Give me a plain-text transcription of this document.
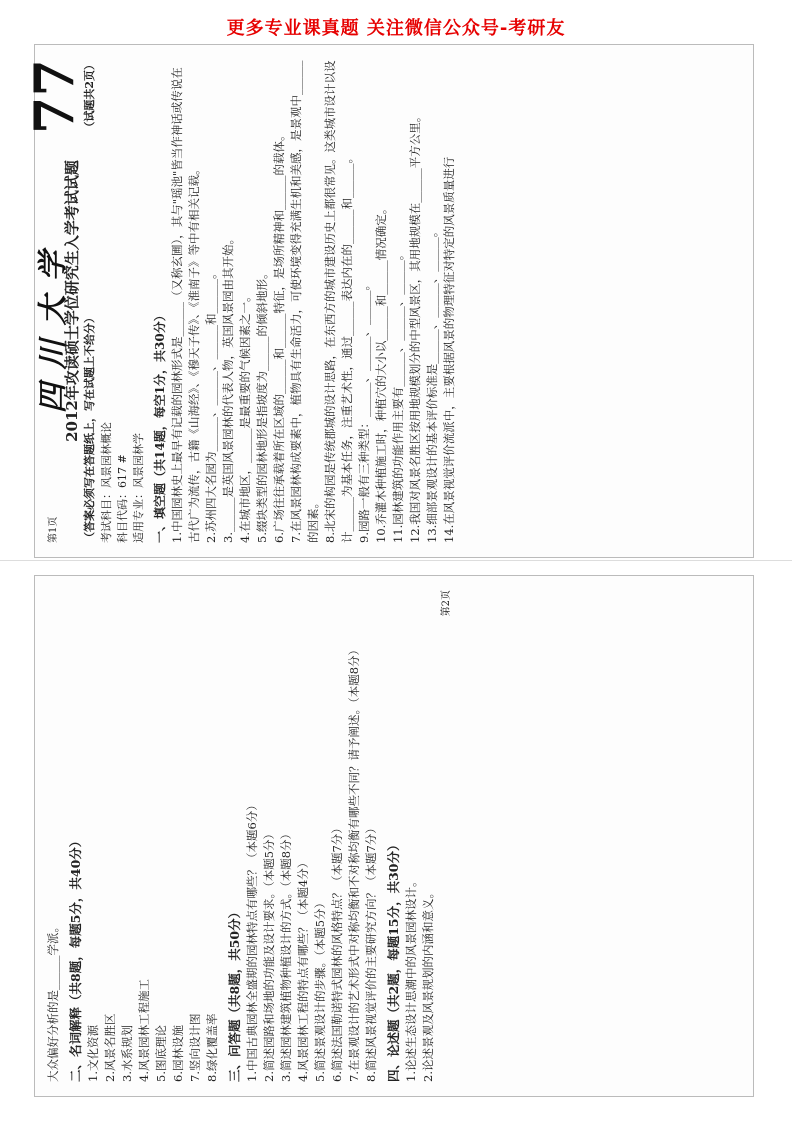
更多专业课真题 关注微信公众号-考研友
第1页
四川大学
77
2012年攻读硕士学位研究生入学考试试题 （答案必须写在答题纸上，写在试题上不给分）
（试题共2页）
考试科目：风景园林概论 科目代码：617 # 适用专业：风景园林学 一、填空题（共14题，每空1分，共30分） 1.中国园林史上最早有记载的园林形式是______（又称玄圃），其与"瑶池"皆当作神话或传说在古代广为流传，古籍《山海经》、《穆天子传》、《淮南子》等中有相关记载。 2.苏州四大名园为______、______、______和______。 3.______是英国风景园林的代表人物，英国风景园由其开始。 4.在城市地区，______是最重要的气候因素之一。 5.缀块类型的园林地形是指坡度为______的倾斜地形。 6.广场往往承载着所在区域的______和______特征，是场所精神和______的载体。 7.在风景园林构成要素中，植物具有生命活力，可使环境变得充满生机和美感，是景观中______的因素。 8.北宋的构园是传统郡城的设计思路，在东西方的城市建设历史上都很常见。这类城市设计以设计______为基本任务，注重艺术性，通过______表达内在的______和______。 9.园路一般有三种类型：______、______、______。 10.乔灌木种植施工时，种植穴的大小以______和______情况确定。 11.园林建筑的功能作用主要有______、______、______。 12.我国对风景名胜区按用地规模划分的中型风景区，其用地规模在______平方公里。 13.细部景观设计的基本评价标准是______、______、______。 14.在风景视觉评价流派中，主要根据风景的物理特征对特定的风景质量进行
大众偏好分析的是______学派。 二、名词解释（共8题，每题5分，共40分） 1.文化资源 2.风景名胜区 3.水系规划 4.风景园林工程施工 5.图底理论 6.园林设施 7.竖向设计图 8.绿化覆盖率 三、问答题（共8题，共50分） 1.中国古典园林全盛期的园林特点有哪些？（本题6分） 2.简述园路和场地的功能及设计要求。（本题5分） 3.简述园林建筑植物种植设计的方式。（本题8分） 4.风景园林工程的特点有哪些？（本题4分） 5.简述景观设计的步骤。（本题5分） 6.简述法国勒诺特式园林的风格特点？（本题7分） 7.在景观设计的艺术形式中对称均衡和不对称均衡有哪些不同？请予阐述。（本题8分） 8.简述风景视觉评价的主要研究方向？（本题7分） 四、论述题（共2题，每题15分，共30分） 1.论述生态设计思潮中的风景园林设计。 2.论述景观及风景规划的内涵和意义。
第2页
